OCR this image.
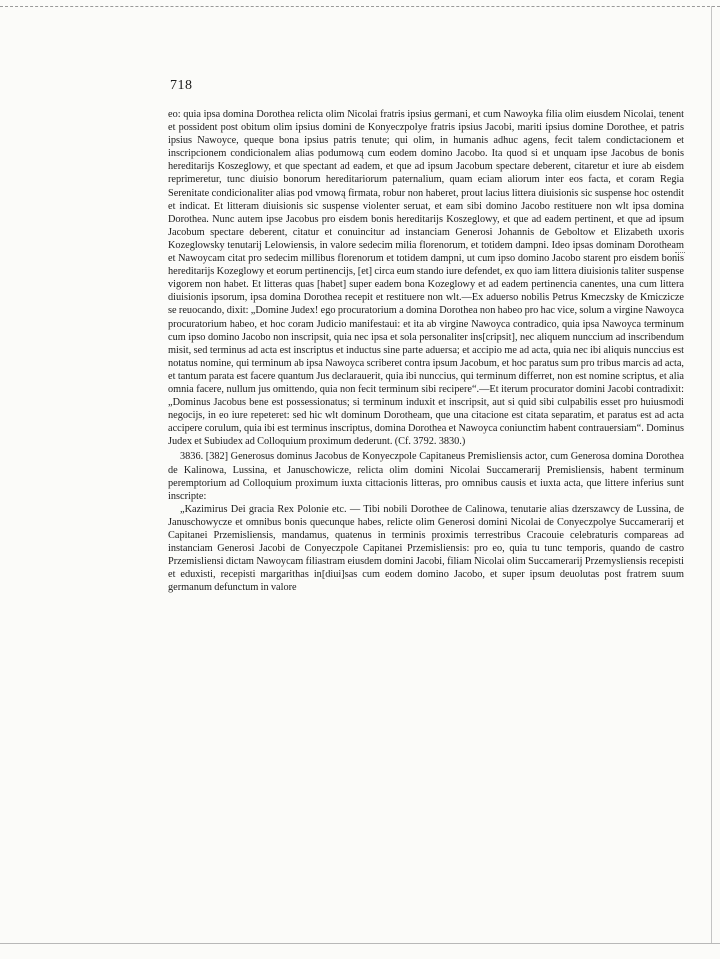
718

eo: quia ipsa domina Dorothea relicta olim Nicolai fratris ipsius germani, et cum Nawoyka filia olim eiusdem Nicolai, tenent et possident post obitum olim ipsius domini de Konyeczpolye fratris ipsius Jacobi, mariti ipsius domine Dorothee, et patris ipsius Nawoyce, queque bona ipsius patris tenute; qui olim, in humanis adhuc agens, fecit talem condictacionem et inscripcionem condicionalem alias podumową cum eodem domino Jacobo. Ita quod si et unquam ipse Jacobus de bonis hereditarijs Koszeglowy, et que spectant ad eadem, et que ad ipsum Jacobum spectare deberent, citaretur et iure ab eisdem reprimeretur, tunc diuisio bonorum hereditariorum paternalium, quam eciam aliorum inter eos facta, et coram Regia Serenitate condicionaliter alias pod vmową firmata, robur non haberet, prout lacius littera diuisionis sic suspense hoc ostendit et indicat. Et litteram diuisionis sic suspense violenter seruat, et eam sibi domino Jacobo restituere non wlt ipsa domina Dorothea. Nunc autem ipse Jacobus pro eisdem bonis hereditarijs Koszeglowy, et que ad eadem pertinent, et que ad ipsum Jacobum spectare deberent, citatur et conuincitur ad instanciam Generosi Johannis de Geboltow et Elizabeth uxoris Kozeglowsky tenutarij Lelowiensis, in valore sedecim milia florenorum, et totidem dampni. Ideo ipsas dominam Dorotheam et Nawoycam citat pro sedecim millibus florenorum et totidem dampni, ut cum ipso domino Jacobo starent pro eisdem bonis hereditarijs Kozeglowy et eorum pertinencijs, [et] circa eum stando iure defendet, ex quo iam littera diuisionis taliter suspense vigorem non habet. Et litteras quas [habet] super eadem bona Kozeglowy et ad eadem pertinencia canentes, una cum littera diuisionis ipsorum, ipsa domina Dorothea recepit et restituere non wlt.—Ex aduerso nobilis Petrus Kmeczsky de Kmiczicze se reuocando, dixit: „Domine Judex! ego procuratorium a domina Dorothea non habeo pro hac vice, solum a virgine Nawoyca procuratorium habeo, et hoc coram Judicio manifestaui: et ita ab virgine Nawoyca contradico, quia ipsa Nawoyca terminum cum ipso domino Jacobo non inscripsit, quia nec ipsa et sola personaliter ins[cripsit], nec aliquem nunccium ad inscribendum misit, sed terminus ad acta est inscriptus et inductus sine parte aduersa; et accipio me ad acta, quia nec ibi aliquis nunccius est notatus nomine, qui terminum ab ipsa Nawoyca scriberet contra ipsum Jacobum, et hoc paratus sum pro tribus marcis ad acta, et tantum parata est facere quantum Jus declarauerit, quia ibi nunccius, qui terminum differret, non est nomine scriptus, et alia omnia facere, nullum jus omittendo, quia non fecit terminum sibi recipere“.—Et iterum procurator domini Jacobi contradixit: „Dominus Jacobus bene est possessionatus; si terminum induxit et inscripsit, aut si quid sibi culpabilis esset pro huiusmodi negocijs, in eo iure repeteret: sed hic wlt dominum Dorotheam, que una citacione est citata separatim, et paratus est ad acta accipere corulum, quia ibi est terminus inscriptus, domina Dorothea et Nawoyca coniunctim habent contrauersiam“. Dominus Judex et Subiudex ad Colloquium proximum dederunt. (Cf. 3792. 3830.)

3836. [382] Generosus dominus Jacobus de Konyeczpole Capitaneus Premisliensis actor, cum Generosa domina Dorothea de Kalinowa, Lussina, et Januschowicze, relicta olim domini Nicolai Succamerarij Premisliensis, habent terminum peremptorium ad Colloquium proximum iuxta cittacionis litteras, pro omnibus causis et iuxta acta, que littere inferius sunt inscripte:

„Kazimirus Dei gracia Rex Polonie etc. — Tibi nobili Dorothee de Calinowa, tenutarie alias dzerszawcy de Lussina, de Januschowycze et omnibus bonis quecunque habes, relicte olim Generosi domini Nicolai de Conyeczpolye Succamerarij et Capitanei Przemisliensis, mandamus, quatenus in terminis proximis terrestribus Cracouie celebraturis compareas ad instanciam Generosi Jacobi de Conyeczpole Capitanei Przemisliensis: pro eo, quia tu tunc temporis, quando de castro Przemisliensi dictam Nawoycam filiastram eiusdem domini Jacobi, filiam Nicolai olim Succamerarij Przemysliensis recepisti et eduxisti, recepisti margarithas in[diui]sas cum eodem domino Jacobo, et super ipsum deuolutas post fratrem suum germanum defunctum in valore
